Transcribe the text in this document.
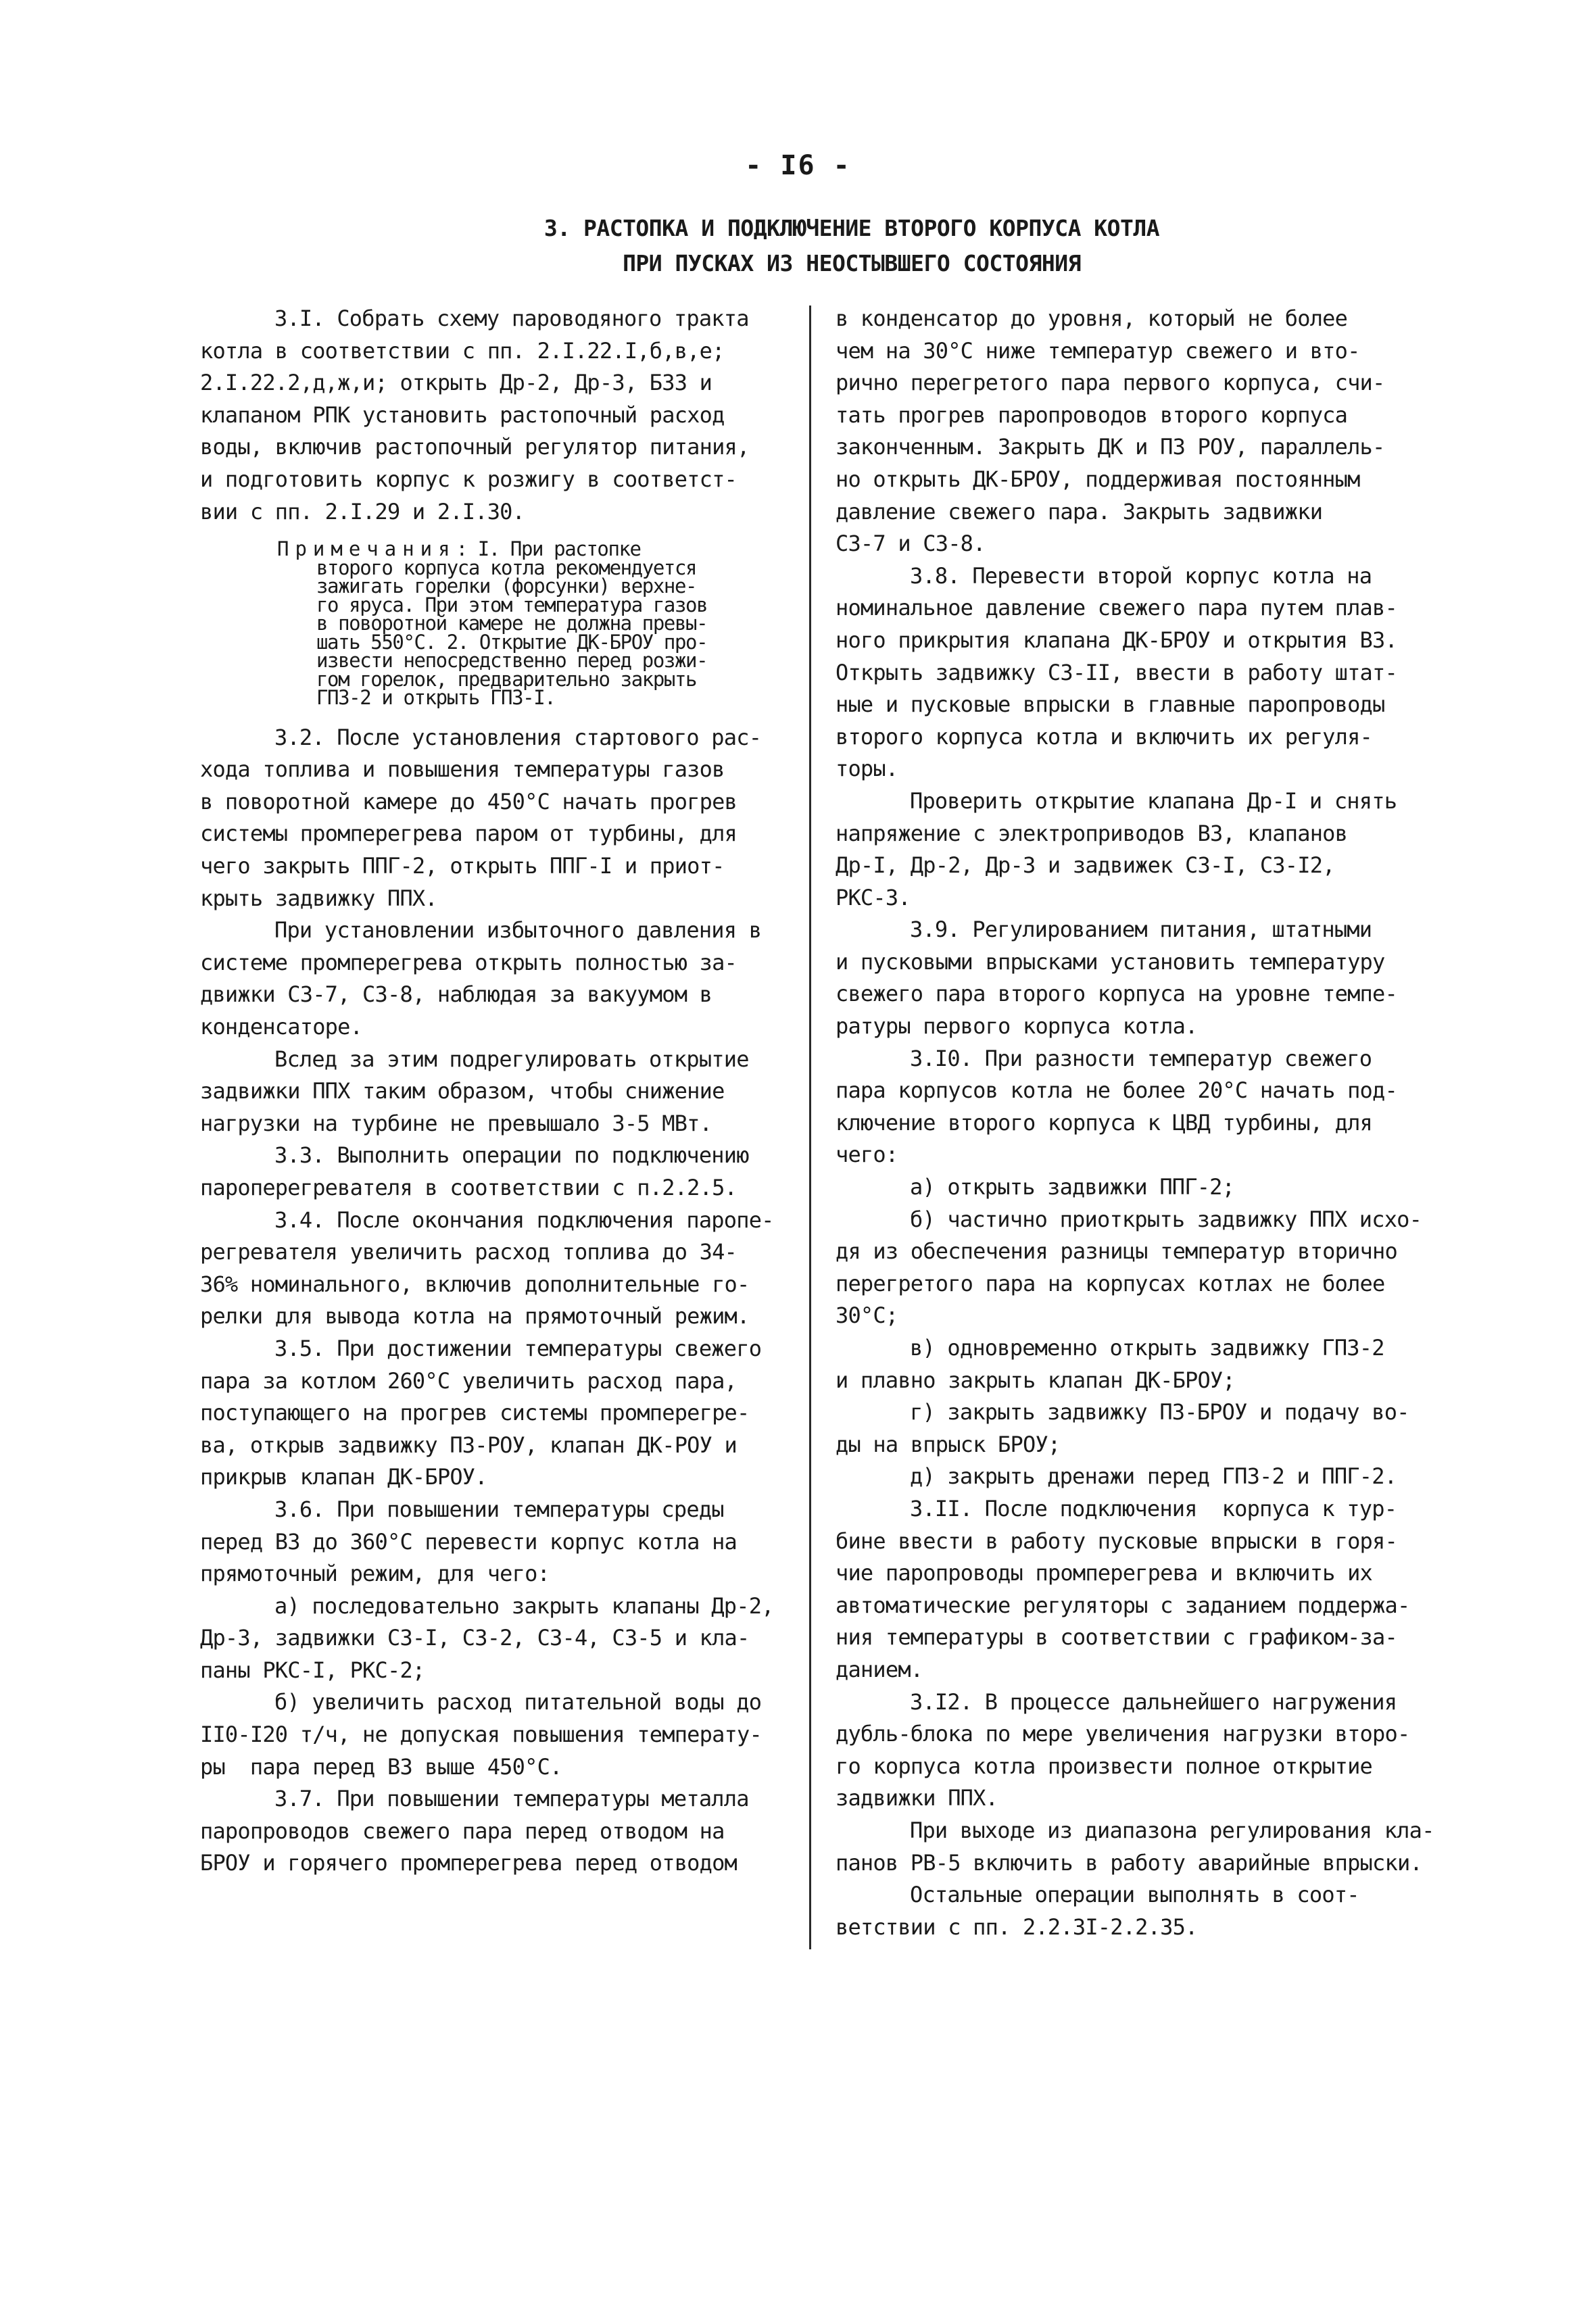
- I6 -
3. РАСТОПКА И ПОДКЛЮЧЕНИЕ ВТОРОГО КОРПУСА КОТЛА
ПРИ ПУСКАХ ИЗ НЕОСТЫВШЕГО СОСТОЯНИЯ
3.I. Собрать схему пароводяного тракта
котла в соответствии с пп. 2.I.22.I,б,в,е;
2.I.22.2,д,ж,и; открыть Др-2, Др-3, БЗЗ и
клапаном РПК установить растопочный расход
воды, включив растопочный регулятор питания,
и подготовить корпус к розжигу в соответст-
вии с пп. 2.I.29 и 2.I.30.
Примечания: I. При растопке
второго корпуса котла рекомендуется
зажигать горелки (форсунки) верхне-
го яруса. При этом температура газов
в поворотной камере не должна превы-
шать 550°С. 2. Открытие ДК-БРОУ про-
извести непосредственно перед розжи-
гом горелок, предварительно закрыть
ГПЗ-2 и открыть ГПЗ-I.
3.2. После установления стартового рас-
хода топлива и повышения температуры газов
в поворотной камере до 450°С начать прогрев
системы промперегрева паром от турбины, для
чего закрыть ППГ-2, открыть ППГ-I и приот-
крыть задвижку ППХ.
При установлении избыточного давления в
системе промперегрева открыть полностью за-
движки СЗ-7, СЗ-8, наблюдая за вакуумом в
конденсаторе.
Вслед за этим подрегулировать открытие
задвижки ППХ таким образом, чтобы снижение
нагрузки на турбине не превышало 3-5 МВт.
3.3. Выполнить операции по подключению
пароперегревателя в соответствии с п.2.2.5.
3.4. После окончания подключения паропе-
регревателя увеличить расход топлива до 34-
36% номинального, включив дополнительные го-
релки для вывода котла на прямоточный режим.
3.5. При достижении температуры свежего
пара за котлом 260°С увеличить расход пара,
поступающего на прогрев системы промперегре-
ва, открыв задвижку ПЗ-РОУ, клапан ДК-РОУ и
прикрыв клапан ДК-БРОУ.
3.6. При повышении температуры среды
перед ВЗ до 360°С перевести корпус котла на
прямоточный режим, для чего:
а) последовательно закрыть клапаны Др-2,
Др-3, задвижки СЗ-I, СЗ-2, СЗ-4, СЗ-5 и кла-
паны РКС-I, РКС-2;
б) увеличить расход питательной воды до
II0-I20 т/ч, не допуская повышения температу-
ры  пара перед ВЗ выше 450°С.
3.7. При повышении температуры металла
паропроводов свежего пара перед отводом на
БРОУ и горячего промперегрева перед отводом
в конденсатор до уровня, который не более
чем на 30°С ниже температур свежего и вто-
рично перегретого пара первого корпуса, счи-
тать прогрев паропроводов второго корпуса
законченным. Закрыть ДК и ПЗ РОУ, параллель-
но открыть ДК-БРОУ, поддерживая постоянным
давление свежего пара. Закрыть задвижки
СЗ-7 и СЗ-8.
3.8. Перевести второй корпус котла на
номинальное давление свежего пара путем плав-
ного прикрытия клапана ДК-БРОУ и открытия ВЗ.
Открыть задвижку СЗ-II, ввести в работу штат-
ные и пусковые впрыски в главные паропроводы
второго корпуса котла и включить их регуля-
торы.
Проверить открытие клапана Др-I и снять
напряжение с электроприводов ВЗ, клапанов
Др-I, Др-2, Др-3 и задвижек СЗ-I, СЗ-I2,
РКС-3.
3.9. Регулированием питания, штатными
и пусковыми впрысками установить температуру
свежего пара второго корпуса на уровне темпе-
ратуры первого корпуса котла.
3.I0. При разности температур свежего
пара корпусов котла не более 20°С начать под-
ключение второго корпуса к ЦВД турбины, для
чего:
а) открыть задвижки ППГ-2;
б) частично приоткрыть задвижку ППХ исхо-
дя из обеспечения разницы температур вторично
перегретого пара на корпусах котлах не более
30°С;
в) одновременно открыть задвижку ГПЗ-2
и плавно закрыть клапан ДК-БРОУ;
г) закрыть задвижку ПЗ-БРОУ и подачу во-
ды на впрыск БРОУ;
д) закрыть дренажи перед ГПЗ-2 и ППГ-2.
3.II. После подключения  корпуса к тур-
бине ввести в работу пусковые впрыски в горя-
чие паропроводы промперегрева и включить их
автоматические регуляторы с заданием поддержа-
ния температуры в соответствии с графиком-за-
данием.
3.I2. В процессе дальнейшего нагружения
дубль-блока по мере увеличения нагрузки второ-
го корпуса котла произвести полное открытие
задвижки ППХ.
При выходе из диапазона регулирования кла-
панов РВ-5 включить в работу аварийные впрыски.
Остальные операции выполнять в соот-
ветствии с пп. 2.2.3I-2.2.35.
